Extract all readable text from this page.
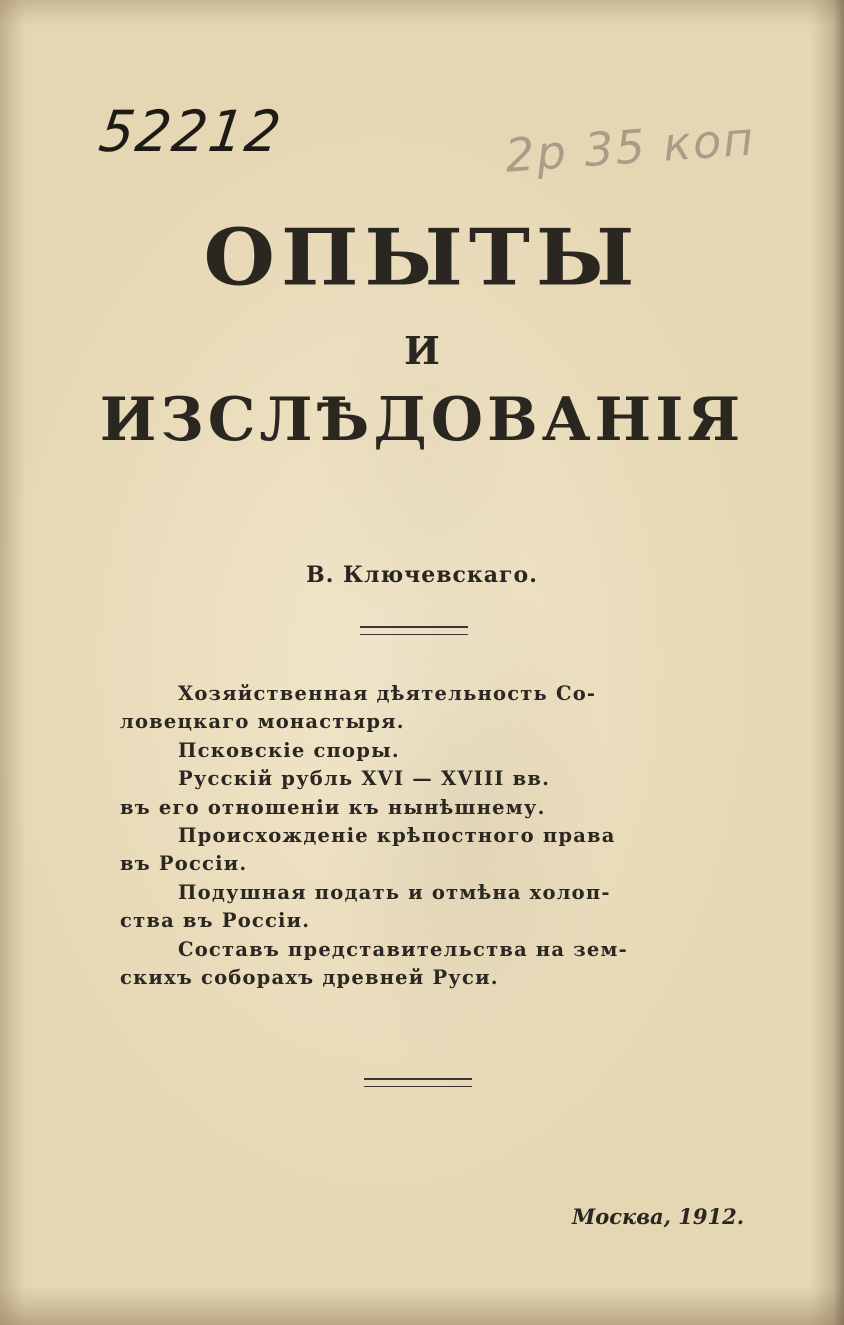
52212	2р 35 коп
ОПЫТЫ
И
ИЗСЛѢДОВАНІЯ
В. Ключевскаго.
Хозяйственная дѣятельность Со-
ловецкаго монастыря.
Псковскіе споры.
Русскій рубль XVI — XVIII вв.
въ его отношеніи къ нынѣшнему.
Происхожденіе крѣпостного права
въ Россіи.
Подушная подать и отмѣна холоп-
ства въ Россіи.
Составъ представительства на зем-
скихъ соборахъ древней Руси.
Москва, 1912.
